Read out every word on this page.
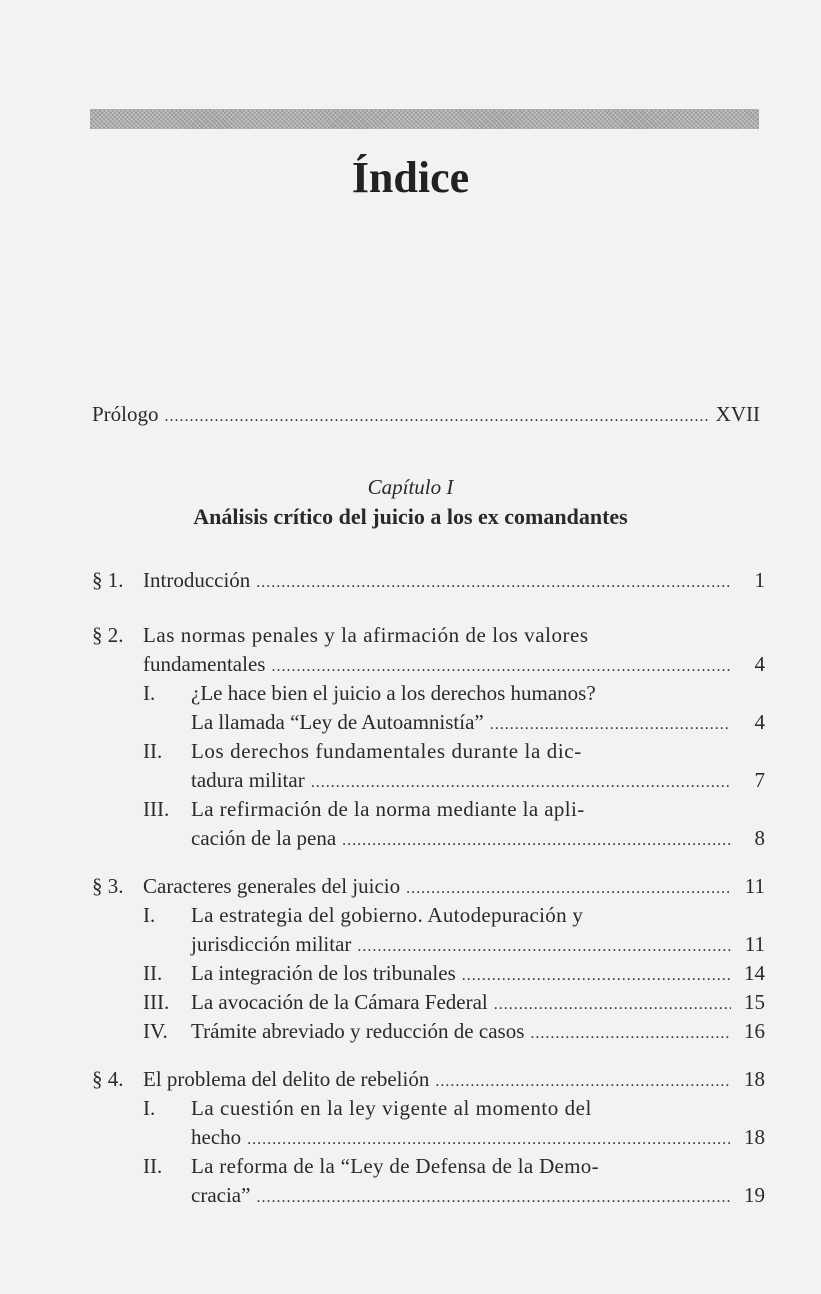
Índice
Prólogo .....	XVII
Capítulo I
Análisis crítico del juicio a los ex comandantes
§ 1. Introducción .....	1
§ 2. Las normas penales y la afirmación de los valores
fundamentales .....	4
I. ¿Le hace bien el juicio a los derechos humanos?
La llamada “Ley de Autoamnistía” .....	4
II. Los derechos fundamentales durante la dic-
tadura militar .....	7
III. La refirmación de la norma mediante la apli-
cación de la pena .....	8
§ 3. Caracteres generales del juicio .....	11
I. La estrategia del gobierno. Autodepuración y
jurisdicción militar .....	11
II. La integración de los tribunales .....	14
III. La avocación de la Cámara Federal .....	15
IV. Trámite abreviado y reducción de casos .....	16
§ 4. El problema del delito de rebelión .....	18
I. La cuestión en la ley vigente al momento del
hecho .....	18
II. La reforma de la “Ley de Defensa de la Demo-
cracia” .....	19
